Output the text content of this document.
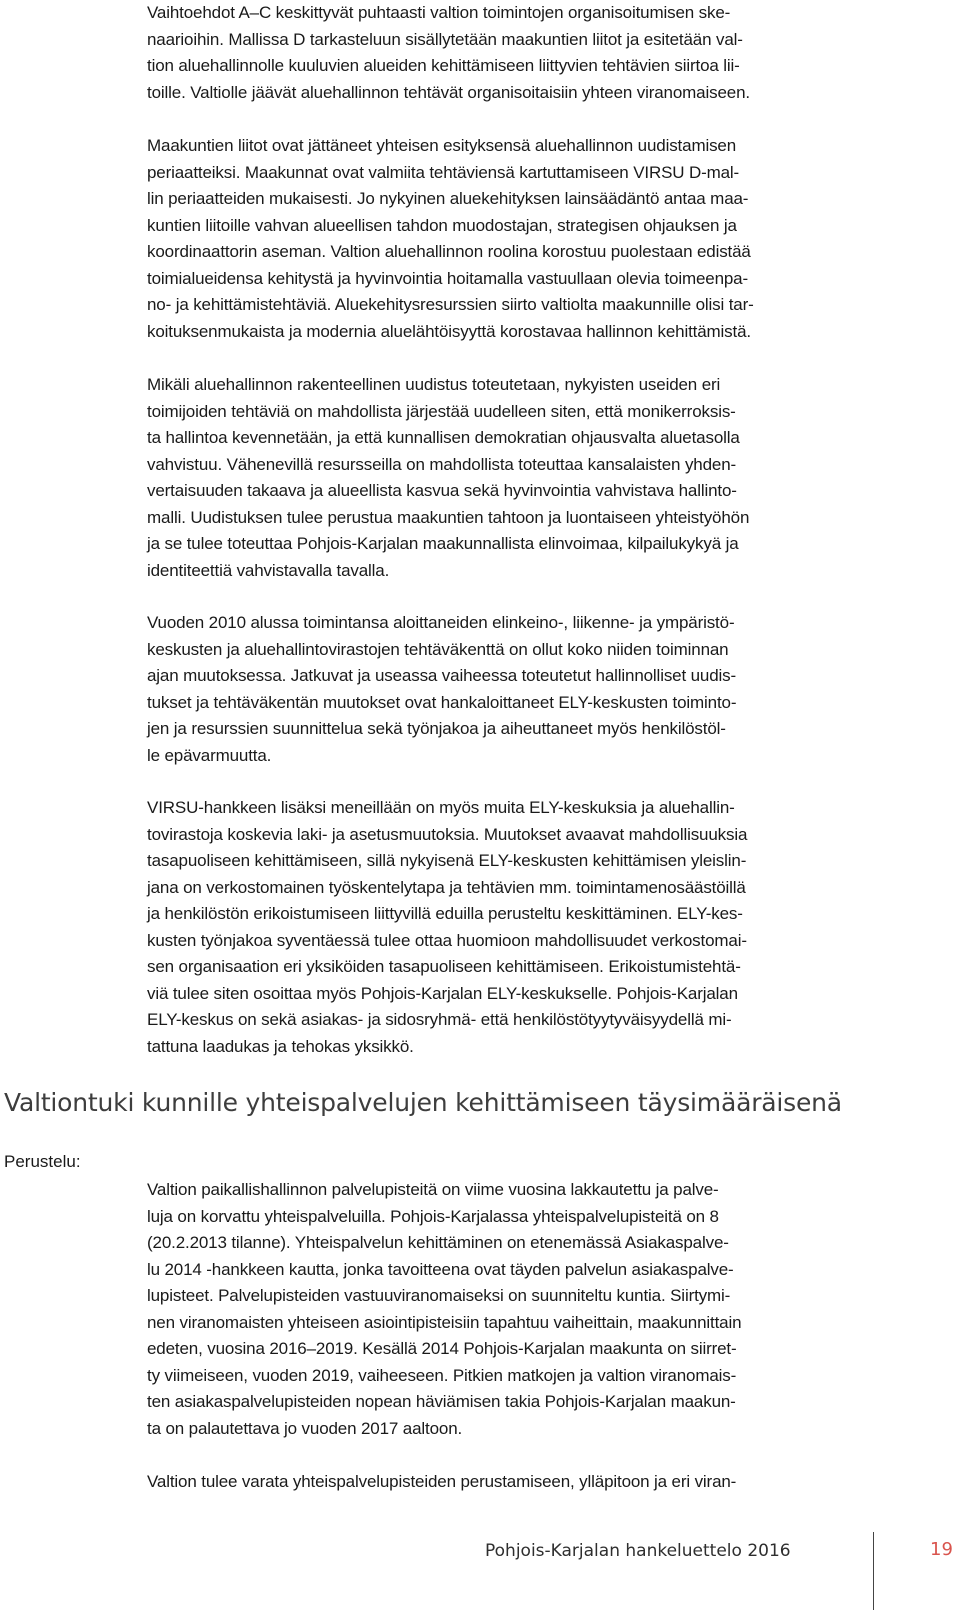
Vaihtoehdot A–C keskittyvät puhtaasti valtion toimintojen organisoitumisen ske-
naarioihin. Mallissa D tarkasteluun sisällytetään maakuntien liitot ja esitetään val-
tion aluehallinnolle kuuluvien alueiden kehittämiseen liittyvien tehtävien siirtoa lii-
toille. Valtiolle jäävät aluehallinnon tehtävät organisoitaisiin yhteen viranomaiseen.

Maakuntien liitot ovat jättäneet yhteisen esityksensä aluehallinnon uudistamisen
periaatteiksi. Maakunnat ovat valmiita tehtäviensä kartuttamiseen VIRSU D-mal-
lin periaatteiden mukaisesti. Jo nykyinen aluekehityksen lainsäädäntö antaa maa-
kuntien liitoille vahvan alueellisen tahdon muodostajan, strategisen ohjauksen ja
koordinaattorin aseman. Valtion aluehallinnon roolina korostuu puolestaan edistää
toimialueidensa kehitystä ja hyvinvointia hoitamalla vastuullaan olevia toimeenpa-
no- ja kehittämistehtäviä. Aluekehitysresurssien siirto valtiolta maakunnille olisi tar-
koituksenmukaista ja modernia aluelähtöisyyttä korostavaa hallinnon kehittämistä.

Mikäli aluehallinnon rakenteellinen uudistus toteutetaan, nykyisten useiden eri
toimijoiden tehtäviä on mahdollista järjestää uudelleen siten, että monikerroksis-
ta hallintoa kevennetään, ja että kunnallisen demokratian ohjausvalta aluetasolla
vahvistuu. Vähenevillä resursseilla on mahdollista toteuttaa kansalaisten yhden-
vertaisuuden takaava ja alueellista kasvua sekä hyvinvointia vahvistava hallinto-
malli. Uudistuksen tulee perustua maakuntien tahtoon ja luontaiseen yhteistyöhön
ja se tulee toteuttaa Pohjois-Karjalan maakunnallista elinvoimaa, kilpailukykyä ja
identiteettiä vahvistavalla tavalla.

Vuoden 2010 alussa toimintansa aloittaneiden elinkeino-, liikenne- ja ympäristö-
keskusten ja aluehallintovirastojen tehtäväkenttä on ollut koko niiden toiminnan
ajan muutoksessa. Jatkuvat ja useassa vaiheessa toteutetut hallinnolliset uudis-
tukset ja tehtäväkentän muutokset ovat hankaloittaneet ELY-keskusten toiminto-
jen ja resurssien suunnittelua sekä työnjakoa ja aiheuttaneet myös henkilöstöl-
le epävarmuutta.

VIRSU-hankkeen lisäksi meneillään on myös muita ELY-keskuksia ja aluehallin-
tovirastoja koskevia laki- ja asetusmuutoksia. Muutokset avaavat mahdollisuuksia
tasapuoliseen kehittämiseen, sillä nykyisenä ELY-keskusten kehittämisen yleislin-
jana on verkostomainen työskentelytapa ja tehtävien mm. toimintamenosäästöillä
ja henkilöstön erikoistumiseen liittyvillä eduilla perusteltu keskittäminen. ELY-kes-
kusten työnjakoa syventäessä tulee ottaa huomioon mahdollisuudet verkostomai-
sen organisaation eri yksiköiden tasapuoliseen kehittämiseen. Erikoistumistehtä-
viä tulee siten osoittaa myös Pohjois-Karjalan ELY-keskukselle. Pohjois-Karjalan
ELY-keskus on sekä asiakas- ja sidosryhmä- että henkilöstötyytyväisyydellä mi-
tattuna laadukas ja tehokas yksikkö.

Valtiontuki kunnille yhteispalvelujen kehittämiseen täysimääräisenä
Perustelu:

Valtion paikallishallinnon palvelupisteitä on viime vuosina lakkautettu ja palve-
luja on korvattu yhteispalveluilla. Pohjois-Karjalassa yhteispalvelupisteitä on 8
(20.2.2013 tilanne). Yhteispalvelun kehittäminen on etenemässä Asiakaspalve-
lu 2014 -hankkeen kautta, jonka tavoitteena ovat täyden palvelun asiakaspalve-
lupisteet. Palvelupisteiden vastuuviranomaiseksi on suunniteltu kuntia. Siirtymi-
nen viranomaisten yhteiseen asiointipisteisiin tapahtuu vaiheittain, maakunnittain
edeten, vuosina 2016–2019. Kesällä 2014 Pohjois-Karjalan maakunta on siirret-
ty viimeiseen, vuoden 2019, vaiheeseen. Pitkien matkojen ja valtion viranomais-
ten asiakaspalvelupisteiden nopean häviämisen takia Pohjois-Karjalan maakun-
ta on palautettava jo vuoden 2017 aaltoon.

Valtion tulee varata yhteispalvelupisteiden perustamiseen, ylläpitoon ja eri viran-

Pohjois-Karjalan hankeluettelo 2016	19
